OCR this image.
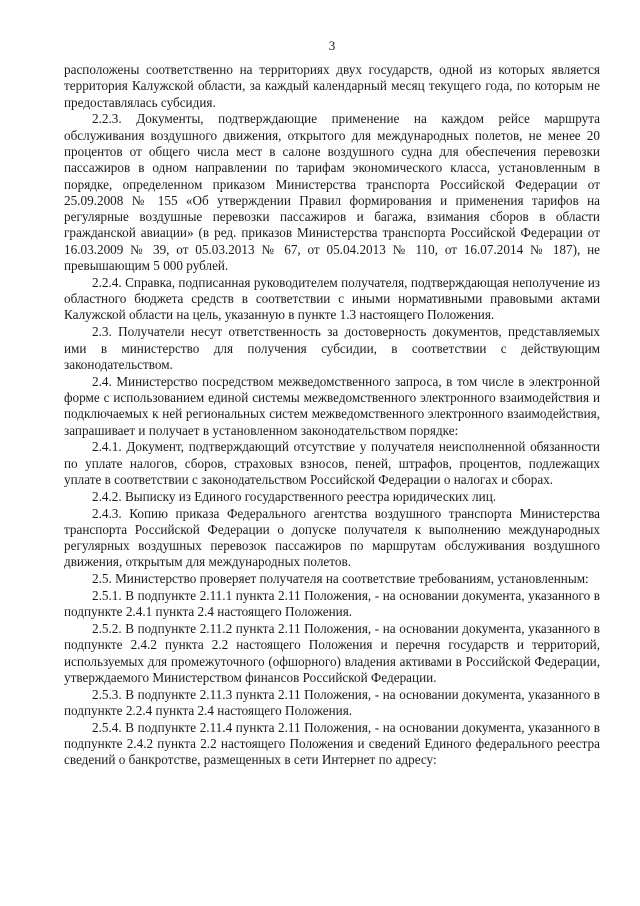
3

расположены соответственно на территориях двух государств, одной из которых является территория Калужской области, за каждый календарный месяц текущего года, по которым не предоставлялась субсидия.

2.2.3. Документы, подтверждающие применение на каждом рейсе маршрута обслуживания воздушного движения, открытого для международных полетов, не менее 20 процентов от общего числа мест в салоне воздушного судна для обеспечения перевозки пассажиров в одном направлении по тарифам экономического класса, установленным в порядке, определенном приказом Министерства транспорта Российской Федерации от 25.09.2008 № 155 «Об утверждении Правил формирования и применения тарифов на регулярные воздушные перевозки пассажиров и багажа, взимания сборов в области гражданской авиации» (в ред. приказов Министерства транспорта Российской Федерации от 16.03.2009 № 39, от 05.03.2013 № 67, от 05.04.2013 № 110, от 16.07.2014 № 187), не превышающим 5 000 рублей.

2.2.4. Справка, подписанная руководителем получателя, подтверждающая неполучение из областного бюджета средств в соответствии с иными нормативными правовыми актами Калужской области на цель, указанную в пункте 1.3 настоящего Положения.

2.3. Получатели несут ответственность за достоверность документов, представляемых ими в министерство для получения субсидии, в соответствии с действующим законодательством.

2.4. Министерство посредством межведомственного запроса, в том числе в электронной форме с использованием единой системы межведомственного электронного взаимодействия и подключаемых к ней региональных систем межведомственного электронного взаимодействия, запрашивает и получает в установленном законодательством порядке:

2.4.1. Документ, подтверждающий отсутствие у получателя неисполненной обязанности по уплате налогов, сборов, страховых взносов, пеней, штрафов, процентов, подлежащих уплате в соответствии с законодательством Российской Федерации о налогах и сборах.

2.4.2. Выписку из Единого государственного реестра юридических лиц.

2.4.3. Копию приказа Федерального агентства воздушного транспорта Министерства транспорта Российской Федерации о допуске получателя к выполнению международных регулярных воздушных перевозок пассажиров по маршрутам обслуживания воздушного движения, открытым для международных полетов.

2.5. Министерство проверяет получателя на соответствие требованиям, установленным:

2.5.1. В подпункте 2.11.1 пункта 2.11 Положения, - на основании документа, указанного в подпункте 2.4.1 пункта 2.4 настоящего Положения.

2.5.2. В подпункте 2.11.2 пункта 2.11 Положения, - на основании документа, указанного в подпункте 2.4.2 пункта 2.2 настоящего Положения и перечня государств и территорий, используемых для промежуточного (офшорного) владения активами в Российской Федерации, утверждаемого Министерством финансов Российской Федерации.

2.5.3. В подпункте 2.11.3 пункта 2.11 Положения, - на основании документа, указанного в подпункте 2.2.4 пункта 2.4 настоящего Положения.

2.5.4. В подпункте 2.11.4 пункта 2.11 Положения, - на основании документа, указанного в подпункте 2.4.2 пункта 2.2 настоящего Положения и сведений Единого федерального реестра сведений о банкротстве, размещенных в сети Интернет по адресу:
